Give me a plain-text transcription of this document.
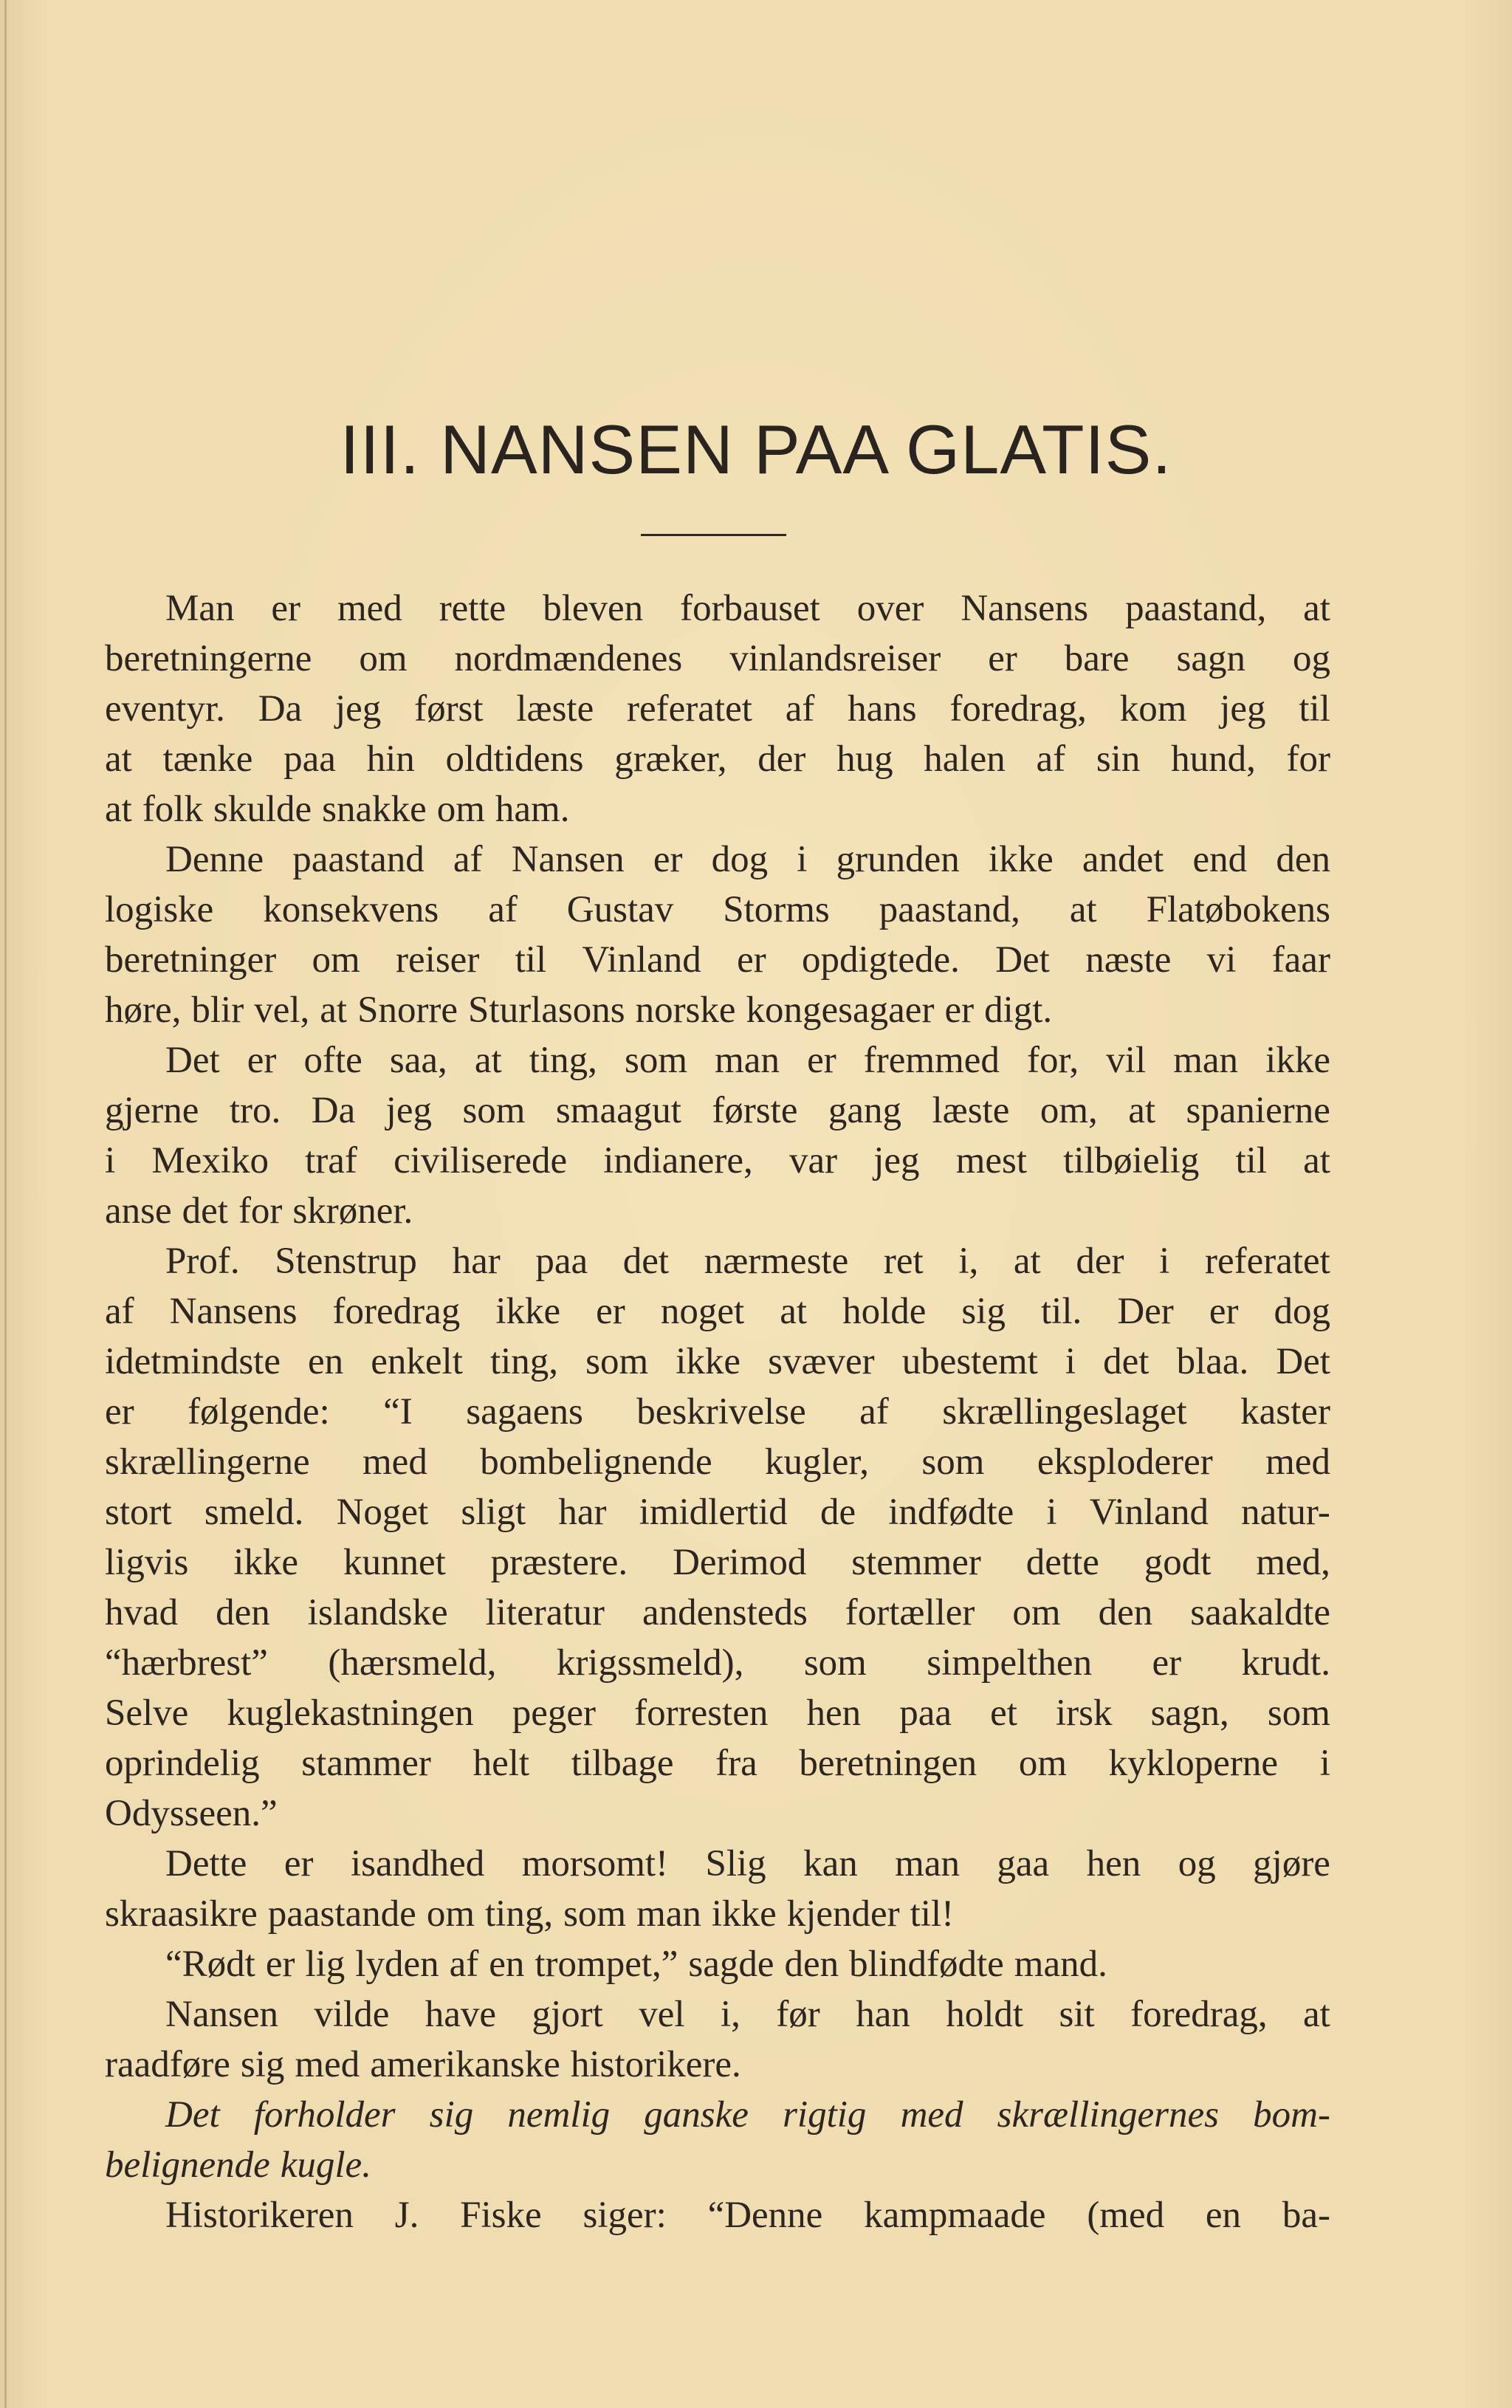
III. NANSEN PAA GLATIS.
Man er med rette bleven forbauset over Nansens paastand, at
beretningerne om nordmændenes vinlandsreiser er bare sagn og
eventyr. Da jeg først læste referatet af hans foredrag, kom jeg til
at tænke paa hin oldtidens græker, der hug halen af sin hund, for
at folk skulde snakke om ham.
Denne paastand af Nansen er dog i grunden ikke andet end den
logiske konsekvens af Gustav Storms paastand, at Flatøbokens
beretninger om reiser til Vinland er opdigtede. Det næste vi faar
høre, blir vel, at Snorre Sturlasons norske kongesagaer er digt.
Det er ofte saa, at ting, som man er fremmed for, vil man ikke
gjerne tro. Da jeg som smaagut første gang læste om, at spanierne
i Mexiko traf civiliserede indianere, var jeg mest tilbøielig til at
anse det for skrøner.
Prof. Stenstrup har paa det nærmeste ret i, at der i referatet
af Nansens foredrag ikke er noget at holde sig til. Der er dog
idetmindste en enkelt ting, som ikke svæver ubestemt i det blaa. Det
er følgende: “I sagaens beskrivelse af skrællingeslaget kaster
skrællingerne med bombelignende kugler, som eksploderer med
stort smeld. Noget sligt har imidlertid de indfødte i Vinland natur-
ligvis ikke kunnet præstere. Derimod stemmer dette godt med,
hvad den islandske literatur andensteds fortæller om den saakaldte
“hærbrest” (hærsmeld, krigssmeld), som simpelthen er krudt.
Selve kuglekastningen peger forresten hen paa et irsk sagn, som
oprindelig stammer helt tilbage fra beretningen om kykloperne i
Odysseen.”
Dette er isandhed morsomt! Slig kan man gaa hen og gjøre
skraasikre paastande om ting, som man ikke kjender til!
“Rødt er lig lyden af en trompet,” sagde den blindfødte mand.
Nansen vilde have gjort vel i, før han holdt sit foredrag, at
raadføre sig med amerikanske historikere.
Det forholder sig nemlig ganske rigtig med skrællingernes bom-
belignende kugle.
Historikeren J. Fiske siger: “Denne kampmaade (med en ba-
